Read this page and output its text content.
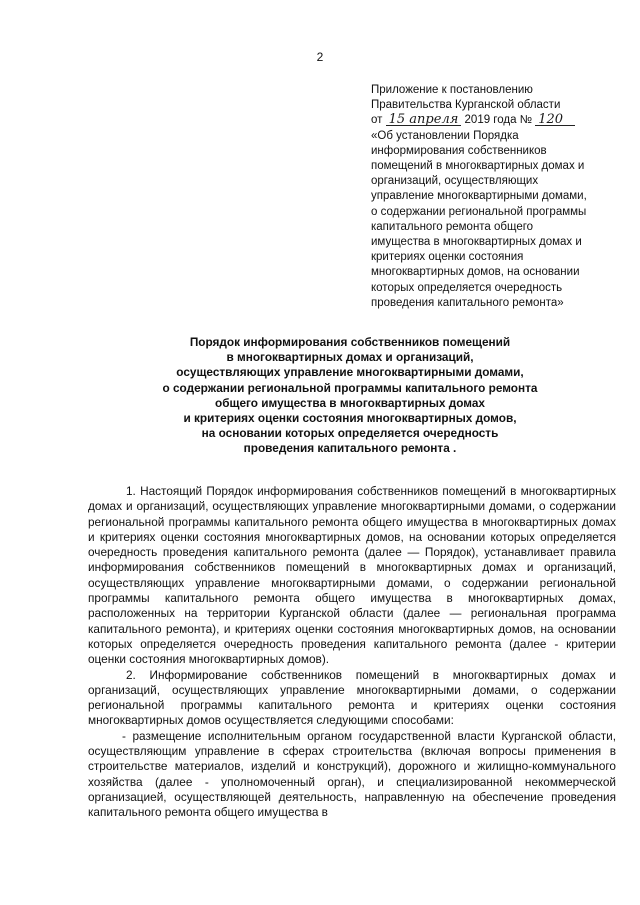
2
Приложение к постановлению
Правительства Курганской области
от 15 апреля 2019 года № 120
«Об установлении Порядка
информирования собственников
помещений в многоквартирных домах и
организаций, осуществляющих
управление многоквартирными домами,
о содержании региональной программы
капитального ремонта общего
имущества в многоквартирных домах и
критериях оценки состояния
многоквартирных домов, на основании
которых определяется очередность
проведения капитального ремонта»
Порядок информирования собственников помещений
в многоквартирных домах и организаций,
осуществляющих управление многоквартирными домами,
о содержании региональной программы капитального ремонта
общего имущества в многоквартирных домах
и критериях оценки состояния многоквартирных домов,
на основании которых определяется очередность
проведения капитального ремонта .

1. Настоящий Порядок информирования собственников помещений в многоквартирных домах и организаций, осуществляющих управление многоквартирными домами, о содержании региональной программы капитального ремонта общего имущества в многоквартирных домах и критериях оценки состояния многоквартирных домов, на основании которых определяется очередность проведения капитального ремонта (далее — Порядок), устанавливает правила информирования собственников помещений в многоквартирных домах и организаций, осуществляющих управление многоквартирными домами, о содержании региональной программы капитального ремонта общего имущества в многоквартирных домах, расположенных на территории Курганской области (далее — региональная программа капитального ремонта), и критериях оценки состояния многоквартирных домов, на основании которых определяется очередность проведения капитального ремонта (далее - критерии оценки состояния многоквартирных домов).

2. Информирование собственников помещений в многоквартирных домах и организаций, осуществляющих управление многоквартирными домами, о содержании региональной программы капитального ремонта и критериях оценки состояния многоквартирных домов осуществляется следующими способами:

- размещение исполнительным органом государственной власти Курганской области, осуществляющим управление в сферах строительства (включая вопросы применения в строительстве материалов, изделий и конструкций), дорожного и жилищно-коммунального хозяйства (далее - уполномоченный орган), и специализированной некоммерческой организацией, осуществляющей деятельность, направленную на обеспечение проведения капитального ремонта общего имущества в
